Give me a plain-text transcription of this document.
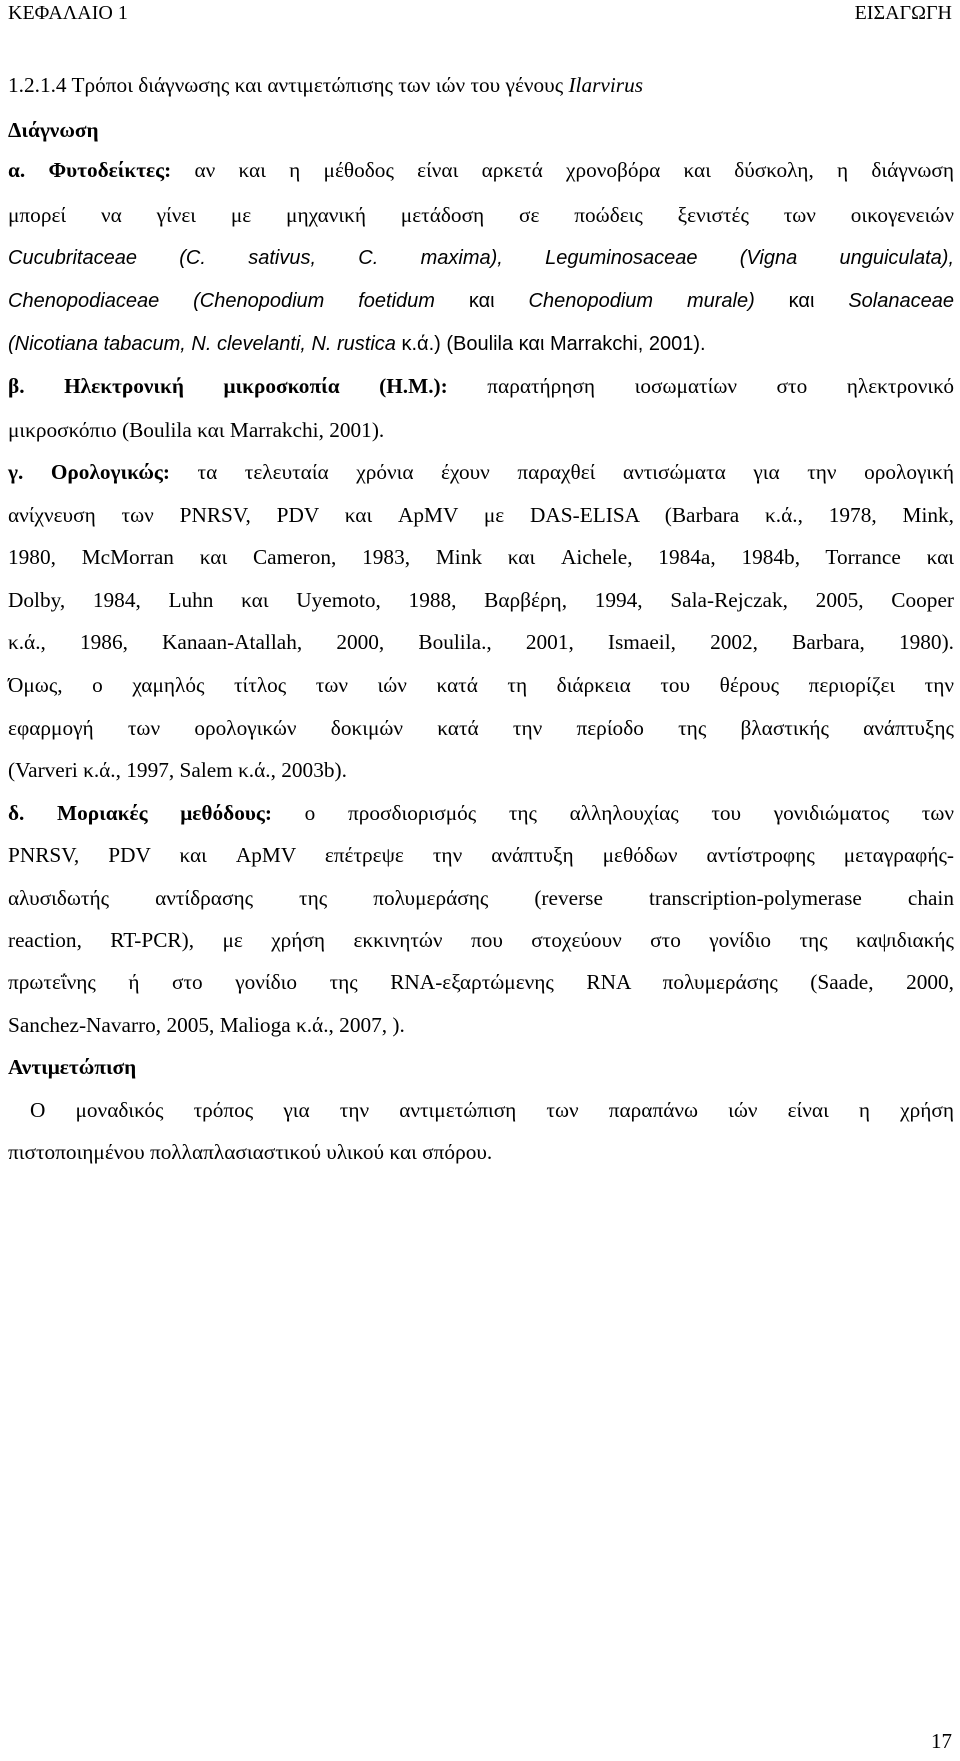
ΚΕΦΑΛΑΙΟ 1	ΕΙΣΑΓΩΓΗ
1.2.1.4 Τρόποι διάγνωσης και αντιμετώπισης των ιών του γένους Ilarvirus
Διάγνωση
α. Φυτοδείκτες: αν και η μέθοδος είναι αρκετά χρονοβόρα και δύσκολη, η διάγνωση
μπορεί να γίνει με μηχανική μετάδοση σε ποώδεις ξενιστές των οικογενειών
Cucubritaceae (C. sativus, C. maxima), Leguminosaceae (Vigna unguiculata),
Chenopodiaceae (Chenopodium foetidum και Chenopodium murale) και Solanaceae
(Nicotiana tabacum, N. clevelanti, N. rustica κ.ά.) (Boulila και Marrakchi, 2001).
β. Ηλεκτρονική μικροσκοπία (Η.Μ.): παρατήρηση ιοσωματίων στο ηλεκτρονικό
μικροσκόπιο (Boulila και Marrakchi, 2001).
γ. Ορολογικώς: τα τελευταία χρόνια έχουν παραχθεί αντισώματα για την ορολογική
ανίχνευση των PNRSV, PDV και ApMV με DAS-ELISA (Barbara κ.ά., 1978, Mink,
1980, McMorran και Cameron, 1983, Mink και Aichele, 1984a, 1984b, Torrance και
Dolby, 1984, Luhn και Uyemoto, 1988, Βαρβέρη, 1994, Sala-Rejczak, 2005, Cooper
κ.ά., 1986, Kanaan-Atallah, 2000, Boulila., 2001, Ismaeil, 2002, Barbara, 1980).
Όμως, ο χαμηλός τίτλος των ιών κατά τη διάρκεια του θέρους περιορίζει την
εφαρμογή των ορολογικών δοκιμών κατά την περίοδο της βλαστικής ανάπτυξης
(Varveri κ.ά., 1997, Salem κ.ά., 2003b).
δ. Μοριακές μεθόδους: ο προσδιορισμός της αλληλουχίας του γονιδιώματος των
PNRSV, PDV και ApMV επέτρεψε την ανάπτυξη μεθόδων αντίστροφης μεταγραφής-
αλυσιδωτής αντίδρασης της πολυμεράσης (reverse transcription-polymerase chain
reaction, RT-PCR), με χρήση εκκινητών που στοχεύουν στο γονίδιο της καψιδιακής
πρωτεΐνης ή στο γονίδιο της RNA-εξαρτώμενης RNA πολυμεράσης (Saade, 2000,
Sanchez-Navarro, 2005, Malioga κ.ά., 2007, ).
Αντιμετώπιση
Ο μοναδικός τρόπος για την αντιμετώπιση των παραπάνω ιών είναι η χρήση
πιστοποιημένου πολλαπλασιαστικού υλικού και σπόρου.
17
